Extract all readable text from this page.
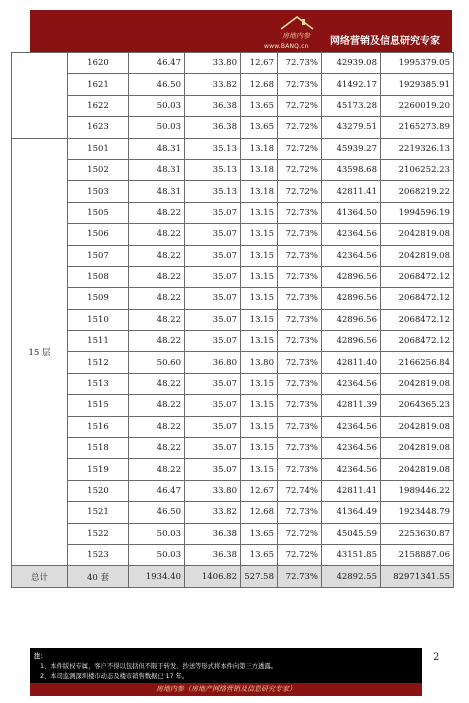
房地内参
www.BANQ.cn 网络营销及信息研究专家
	1620	46.47	33.80	12.67	72.73%	42939.08	1995379.05
	1621	46.50	33.82	12.68	72.73%	41492.17	1929385.91
	1622	50.03	36.38	13.65	72.72%	45173.28	2260019.20
	1623	50.03	36.38	13.65	72.72%	43279.51	2165273.89
15 层	1501	48.31	35.13	13.18	72.72%	45939.27	2219326.13
	1502	48.31	35.13	13.18	72.72%	43598.68	2106252.23
	1503	48.31	35.13	13.18	72.72%	42811.41	2068219.22
	1505	48.22	35.07	13.15	72.73%	41364.50	1994596.19
	1506	48.22	35.07	13.15	72.73%	42364.56	2042819.08
	1507	48.22	35.07	13.15	72.73%	42364.56	2042819.08
	1508	48.22	35.07	13.15	72.73%	42896.56	2068472.12
	1509	48.22	35.07	13.15	72.73%	42896.56	2068472.12
	1510	48.22	35.07	13.15	72.73%	42896.56	2068472.12
	1511	48.22	35.07	13.15	72.73%	42896.56	2068472.12
	1512	50.60	36.80	13.80	72.73%	42811.40	2166256.84
	1513	48.22	35.07	13.15	72.73%	42364.56	2042819.08
	1515	48.22	35.07	13.15	72.73%	42811.39	2064365.23
	1516	48.22	35.07	13.15	72.73%	42364.56	2042819.08
	1518	48.22	35.07	13.15	72.73%	42364.56	2042819.08
	1519	48.22	35.07	13.15	72.73%	42364.56	2042819.08
	1520	46.47	33.80	12.67	72.74%	42811.41	1989446.22
	1521	46.50	33.82	12.68	72.73%	41364.49	1923448.79
	1522	50.03	36.38	13.65	72.72%	45045.59	2253630.87
	1523	50.03	36.38	13.65	72.72%	43151.85	2158887.06
总计	40 套	1934.40	1406.82	527.58	72.73%	42892.55	82971341.55
2
注：
1、本件版权专属，客户不得以包括但不限于转发、抄送等形式将本件向第三方透露。
2、本司监测深圳楼市动态及楼市销售数据已 17 年。
房地内参（房地产网络营销及信息研究专家）
